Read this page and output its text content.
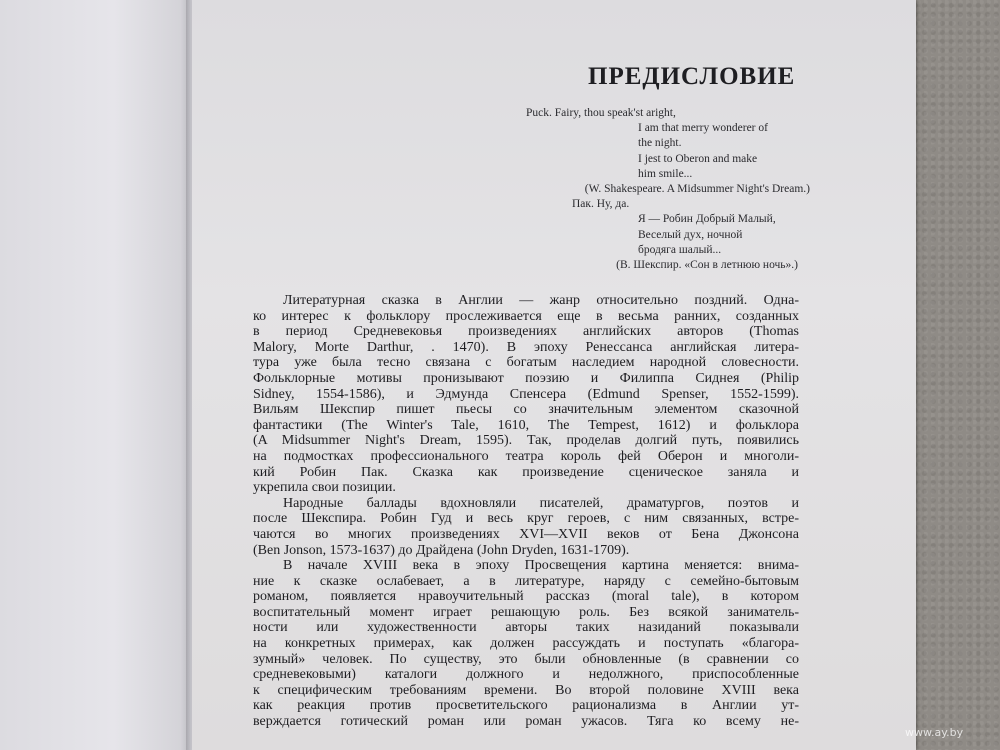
ПРЕДИСЛОВИЕ
Puck. Fairy, thou speak'st aright,
I am that merry wonderer of
the night.
I jest to Oberon and make
him smile...
(W. Shakespeare. A Midsummer Night's Dream.)
Пак. Ну, да.
Я — Робин Добрый Малый,
Веселый дух, ночной
бродяга шалый...
(В. Шекспир. «Сон в летнюю ночь».)
Литературная сказка в Англии — жанр относительно поздний. Одна-
ко интерес к фольклору прослеживается еще в весьма ранних, созданных
в период Средневековья произведениях английских авторов (Thomas
Malory, Morte Darthur, . 1470). В эпоху Ренессанса английская литера-
тура уже была тесно связана с богатым наследием народной словесности.
Фольклорные мотивы пронизывают поэзию и Филиппа Сиднея (Philip
Sidney, 1554-1586), и Эдмунда Спенсера (Edmund Spenser, 1552-1599).
Вильям Шекспир пишет пьесы со значительным элементом сказочной
фантастики (The Winter's Tale, 1610, The Tempest, 1612) и фольклора
(A Midsummer Night's Dream, 1595). Так, проделав долгий путь, появились
на подмостках профессионального театра король фей Оберон и многоли-
кий Робин Пак. Сказка как произведение сценическое заняла и
укрепила свои позиции.
Народные баллады вдохновляли писателей, драматургов, поэтов и
после Шекспира. Робин Гуд и весь круг героев, с ним связанных, встре-
чаются во многих произведениях XVI—XVII веков от Бена Джонсона
(Ben Jonson, 1573-1637) до Драйдена (John Dryden, 1631-1709).
В начале XVIII века в эпоху Просвещения картина меняется: внима-
ние к сказке ослабевает, а в литературе, наряду с семейно-бытовым
романом, появляется нравоучительный рассказ (moral tale), в котором
воспитательный момент играет решающую роль. Без всякой заниматель-
ности или художественности авторы таких назиданий показывали
на конкретных примерах, как должен рассуждать и поступать «благора-
зумный» человек. По существу, это были обновленные (в сравнении со
средневековыми) каталоги должного и недолжного, приспособленные
к специфическим требованиям времени. Во второй половине XVIII века
как реакция против просветительского рационализма в Англии ут-
верждается готический роман или роман ужасов. Тяга ко всему не-
www.ay.by
